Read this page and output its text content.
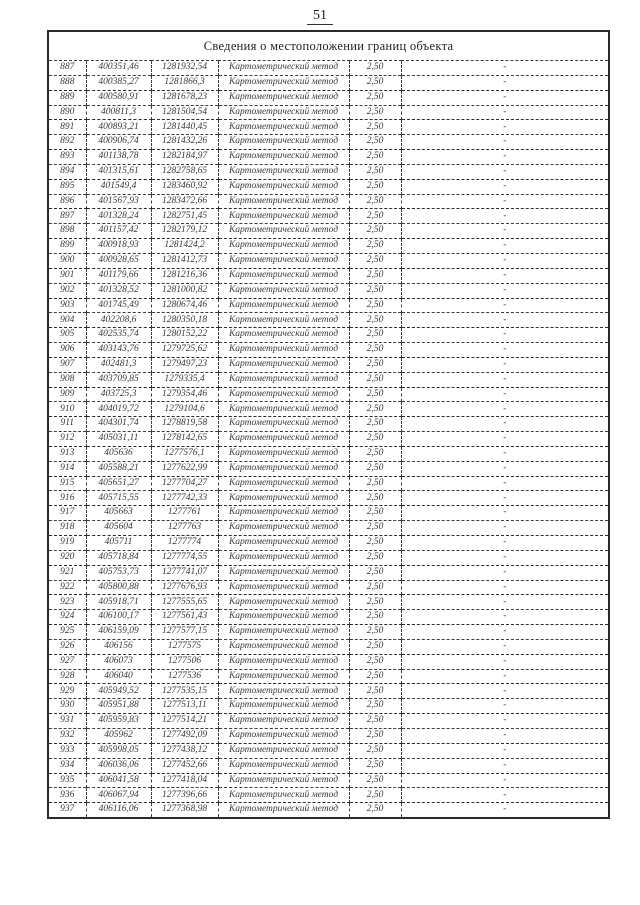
51
Сведения о местоположении границ объекта					
887	400351,46	1281932,54	Картометрический метод	2,50	-
888	400385,27	1281866,3	Картометрический метод	2,50	-
889	400580,91	1281678,23	Картометрический метод	2,50	-
890	400811,3	1281504,54	Картометрический метод	2,50	-
891	400893,21	1281440,45	Картометрический метод	2,50	-
892	400906,74	1281432,26	Картометрический метод	2,50	-
893	401138,78	1282184,97	Картометрический метод	2,50	-
894	401315,61	1282758,65	Картометрический метод	2,50	-
895	401549,4	1283460,92	Картометрический метод	2,50	-
896	401567,93	1283472,66	Картометрический метод	2,50	-
897	401328,24	1282751,45	Картометрический метод	2,50	-
898	401157,42	1282179,12	Картометрический метод	2,50	-
899	400918,93	1281424,2	Картометрический метод	2,50	-
900	400928,65	1281412,73	Картометрический метод	2,50	-
901	401179,66	1281216,36	Картометрический метод	2,50	-
902	401328,52	1281000,82	Картометрический метод	2,50	-
903	401745,49	1280674,46	Картометрический метод	2,50	-
904	402208,6	1280350,18	Картометрический метод	2,50	-
905	402535,74	1280152,22	Картометрический метод	2,50	-
906	403143,76	1279725,62	Картометрический метод	2,50	-
907	402481,3	1279497,23	Картометрический метод	2,50	-
908	403709,85	1279335,4	Картометрический метод	2,50	-
909	403725,3	1279354,46	Картометрический метод	2,50	-
910	404019,72	1279104,6	Картометрический метод	2,50	-
911	404301,74	1278819,58	Картометрический метод	2,50	-
912	405031,11	1278142,65	Картометрический метод	2,50	-
913	405636	1277576,1	Картометрический метод	2,50	-
914	405588,21	1277622,99	Картометрический метод	2,50	-
915	405651,27	1277704,27	Картометрический метод	2,50	-
916	405715,55	1277742,33	Картометрический метод	2,50	-
917	405663	1277761	Картометрический метод	2,50	-
918	405604	1277763	Картометрический метод	2,50	-
919	405711	1277774	Картометрический метод	2,50	-
920	405718,84	1277774,55	Картометрический метод	2,50	-
921	405753,73	1277741,07	Картометрический метод	2,50	-
922	405800,88	1277676,93	Картометрический метод	2,50	-
923	405918,71	1277555,65	Картометрический метод	2,50	-
924	406100,17	1277561,43	Картометрический метод	2,50	-
925	406159,09	1277577,15	Картометрический метод	2,50	-
926	406156	1277575	Картометрический метод	2,50	-
927	406073	1277506	Картометрический метод	2,50	-
928	406040	1277536	Картометрический метод	2,50	-
929	405949,52	1277535,15	Картометрический метод	2,50	-
930	405951,88	1277513,11	Картометрический метод	2,50	-
931	405959,83	1277514,21	Картометрический метод	2,50	-
932	405962	1277492,09	Картометрический метод	2,50	-
933	405998,05	1277438,12	Картометрический метод	2,50	-
934	406036,06	1277452,66	Картометрический метод	2,50	-
935	406041,58	1277418,04	Картометрический метод	2,50	-
936	406067,94	1277396,66	Картометрический метод	2,50	-
937	406116,06	1277368,98	Картометрический метод	2,50	-
